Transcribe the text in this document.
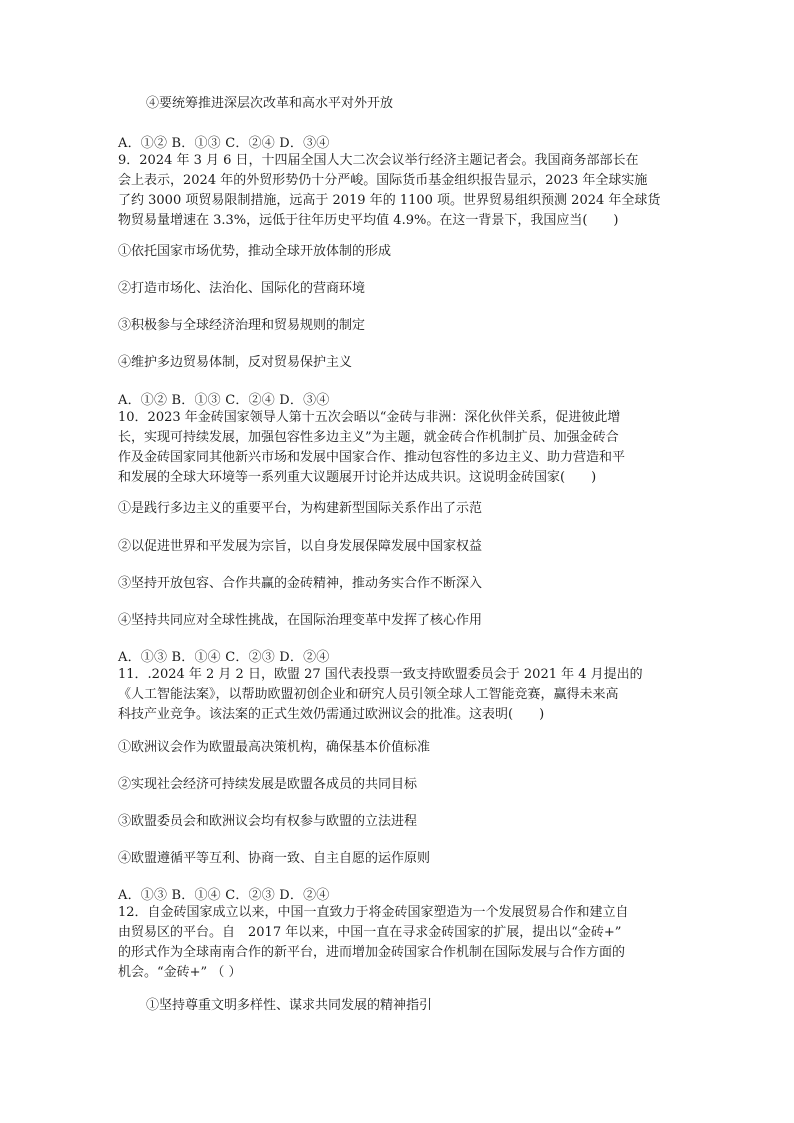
④要统筹推进深层次改革和高水平对外开放
A．①② B．①③ C．②④ D．③④
9．2024 年 3 月 6 日，十四届全国人大二次会议举行经济主题记者会。我国商务部部长在
会上表示，2024 年的外贸形势仍十分严峻。国际货币基金组织报告显示，2023 年全球实施
了约 3000 项贸易限制措施，远高于 2019 年的 1100 项。世界贸易组织预测 2024 年全球货
物贸易量增速在 3.3%，远低于往年历史平均值 4.9%。在这一背景下，我国应当(　　)
①依托国家市场优势，推动全球开放体制的形成
②打造市场化、法治化、国际化的营商环境
③积极参与全球经济治理和贸易规则的制定
④维护多边贸易体制，反对贸易保护主义
A．①② B．①③ C．②④ D．③④
10．2023 年金砖国家领导人第十五次会晤以“金砖与非洲：深化伙伴关系，促进彼此增
长，实现可持续发展，加强包容性多边主义”为主题，就金砖合作机制扩员、加强金砖合
作及金砖国家同其他新兴市场和发展中国家合作、推动包容性的多边主义、助力营造和平
和发展的全球大环境等一系列重大议题展开讨论并达成共识。这说明金砖国家(　　)
①是践行多边主义的重要平台，为构建新型国际关系作出了示范
②以促进世界和平发展为宗旨，以自身发展保障发展中国家权益
③坚持开放包容、合作共赢的金砖精神，推动务实合作不断深入
④坚持共同应对全球性挑战，在国际治理变革中发挥了核心作用
A．①③ B．①④ C．②③ D．②④
11．.2024 年 2 月 2 日，欧盟 27 国代表投票一致支持欧盟委员会于 2021 年 4 月提出的
《人工智能法案》，以帮助欧盟初创企业和研究人员引领全球人工智能竞赛，赢得未来高
科技产业竞争。该法案的正式生效仍需通过欧洲议会的批准。这表明(　　)
①欧洲议会作为欧盟最高决策机构，确保基本价值标准
②实现社会经济可持续发展是欧盟各成员的共同目标
③欧盟委员会和欧洲议会均有权参与欧盟的立法进程
④欧盟遵循平等互利、协商一致、自主自愿的运作原则
A．①③ B．①④ C．②③ D．②④
12．自金砖国家成立以来，中国一直致力于将金砖国家塑造为一个发展贸易合作和建立自
由贸易区的平台。自　2017 年以来，中国一直在寻求金砖国家的扩展，提出以“金砖+”
的形式作为全球南南合作的新平台，进而增加金砖国家合作机制在国际发展与合作方面的
机会。“金砖+” （ ）
①坚持尊重文明多样性、谋求共同发展的精神指引
